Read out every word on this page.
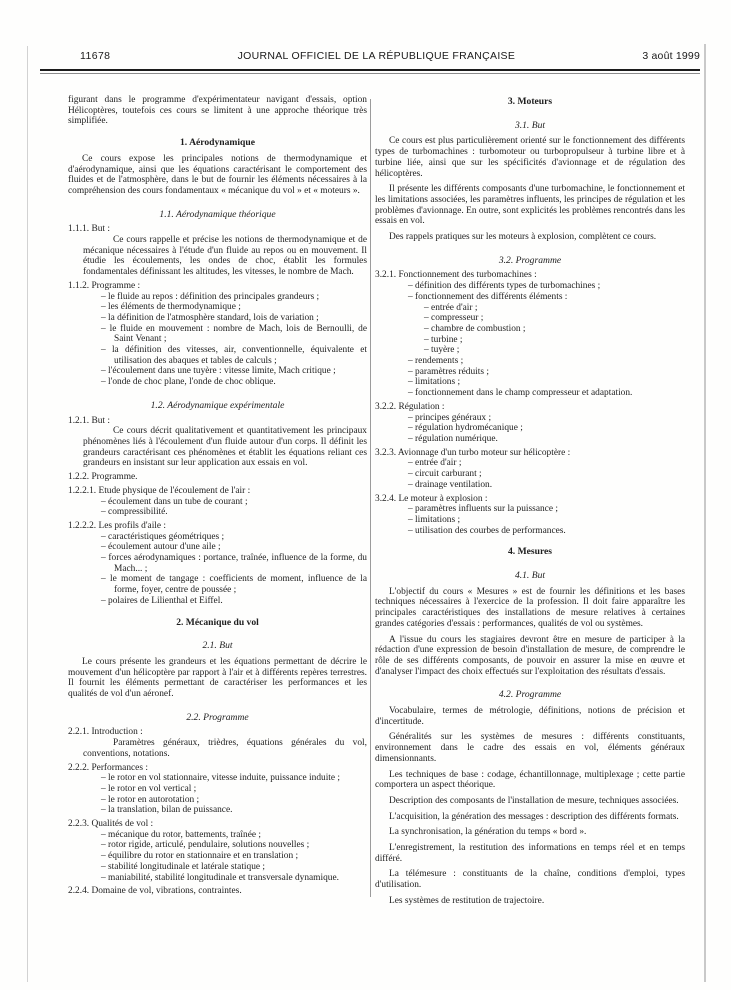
11678	JOURNAL OFFICIEL DE LA RÉPUBLIQUE FRANÇAISE	3 août 1999
figurant dans le programme d'expérimentateur navigant d'essais, option Hélicoptères, toutefois ces cours se limitent à une approche théorique très simplifiée.
1. Aérodynamique
Ce cours expose les principales notions de thermodynamique et d'aérodynamique, ainsi que les équations caractérisant le comportement des fluides et de l'atmosphère, dans le but de fournir les éléments nécessaires à la compréhension des cours fondamentaux « mécanique du vol » et « moteurs ».
1.1. Aérodynamique théorique
1.1.1. But :
Ce cours rappelle et précise les notions de thermodynamique et de mécanique nécessaires à l'étude d'un fluide au repos ou en mouvement. Il étudie les écoulements, les ondes de choc, établit les formules fondamentales définissant les altitudes, les vitesses, le nombre de Mach.
1.1.2. Programme :
– le fluide au repos : définition des principales grandeurs ;
– les éléments de thermodynamique ;
– la définition de l'atmosphère standard, lois de variation ;
– le fluide en mouvement : nombre de Mach, lois de Bernoulli, de Saint Venant ;
– la définition des vitesses, air, conventionnelle, équivalente et utilisation des abaques et tables de calculs ;
– l'écoulement dans une tuyère : vitesse limite, Mach critique ;
– l'onde de choc plane, l'onde de choc oblique.
1.2. Aérodynamique expérimentale
1.2.1. But :
Ce cours décrit qualitativement et quantitativement les principaux phénomènes liés à l'écoulement d'un fluide autour d'un corps. Il définit les grandeurs caractérisant ces phénomènes et établit les équations reliant ces grandeurs en insistant sur leur application aux essais en vol.
1.2.2. Programme.
1.2.2.1. Etude physique de l'écoulement de l'air :
– écoulement dans un tube de courant ;
– compressibilité.
1.2.2.2. Les profils d'aile :
– caractéristiques géométriques ;
– écoulement autour d'une aile ;
– forces aérodynamiques : portance, traînée, influence de la forme, du Mach... ;
– le moment de tangage : coefficients de moment, influence de la forme, foyer, centre de poussée ;
– polaires de Lilienthal et Eiffel.
2. Mécanique du vol
2.1. But
Le cours présente les grandeurs et les équations permettant de décrire le mouvement d'un hélicoptère par rapport à l'air et à différents repères terrestres. Il fournit les éléments permettant de caractériser les performances et les qualités de vol d'un aéronef.
2.2. Programme
2.2.1. Introduction :
Paramètres généraux, trièdres, équations générales du vol, conventions, notations.
2.2.2. Performances :
– le rotor en vol stationnaire, vitesse induite, puissance induite ;
– le rotor en vol vertical ;
– le rotor en autorotation ;
– la translation, bilan de puissance.
2.2.3. Qualités de vol :
– mécanique du rotor, battements, traînée ;
– rotor rigide, articulé, pendulaire, solutions nouvelles ;
– équilibre du rotor en stationnaire et en translation ;
– stabilité longitudinale et latérale statique ;
– maniabilité, stabilité longitudinale et transversale dynamique.
2.2.4. Domaine de vol, vibrations, contraintes.
3. Moteurs
3.1. But
Ce cours est plus particulièrement orienté sur le fonctionnement des différents types de turbomachines : turbomoteur ou turbopropulseur à turbine libre et à turbine liée, ainsi que sur les spécificités d'avionnage et de régulation des hélicoptères.
Il présente les différents composants d'une turbomachine, le fonctionnement et les limitations associées, les paramètres influents, les principes de régulation et les problèmes d'avionnage. En outre, sont explicités les problèmes rencontrés dans les essais en vol.
Des rappels pratiques sur les moteurs à explosion, complètent ce cours.
3.2. Programme
3.2.1. Fonctionnement des turbomachines :
– définition des différents types de turbomachines ;
– fonctionnement des différents éléments :
– entrée d'air ;
– compresseur ;
– chambre de combustion ;
– turbine ;
– tuyère ;
– rendements ;
– paramètres réduits ;
– limitations ;
– fonctionnement dans le champ compresseur et adaptation.
3.2.2. Régulation :
– principes généraux ;
– régulation hydromécanique ;
– régulation numérique.
3.2.3. Avionnage d'un turbo moteur sur hélicoptère :
– entrée d'air ;
– circuit carburant ;
– drainage ventilation.
3.2.4. Le moteur à explosion :
– paramètres influents sur la puissance ;
– limitations ;
– utilisation des courbes de performances.
4. Mesures
4.1. But
L'objectif du cours « Mesures » est de fournir les définitions et les bases techniques nécessaires à l'exercice de la profession. Il doit faire apparaître les principales caractéristiques des installations de mesure relatives à certaines grandes catégories d'essais : performances, qualités de vol ou systèmes.
A l'issue du cours les stagiaires devront être en mesure de participer à la rédaction d'une expression de besoin d'installation de mesure, de comprendre le rôle de ses différents composants, de pouvoir en assurer la mise en œuvre et d'analyser l'impact des choix effectués sur l'exploitation des résultats d'essais.
4.2. Programme
Vocabulaire, termes de métrologie, définitions, notions de précision et d'incertitude.
Généralités sur les systèmes de mesures : différents constituants, environnement dans le cadre des essais en vol, éléments généraux dimensionnants.
Les techniques de base : codage, échantillonnage, multiplexage ; cette partie comportera un aspect théorique.
Description des composants de l'installation de mesure, techniques associées.
L'acquisition, la génération des messages : description des différents formats.
La synchronisation, la génération du temps « bord ».
L'enregistrement, la restitution des informations en temps réel et en temps différé.
La télémesure : constituants de la chaîne, conditions d'emploi, types d'utilisation.
Les systèmes de restitution de trajectoire.
